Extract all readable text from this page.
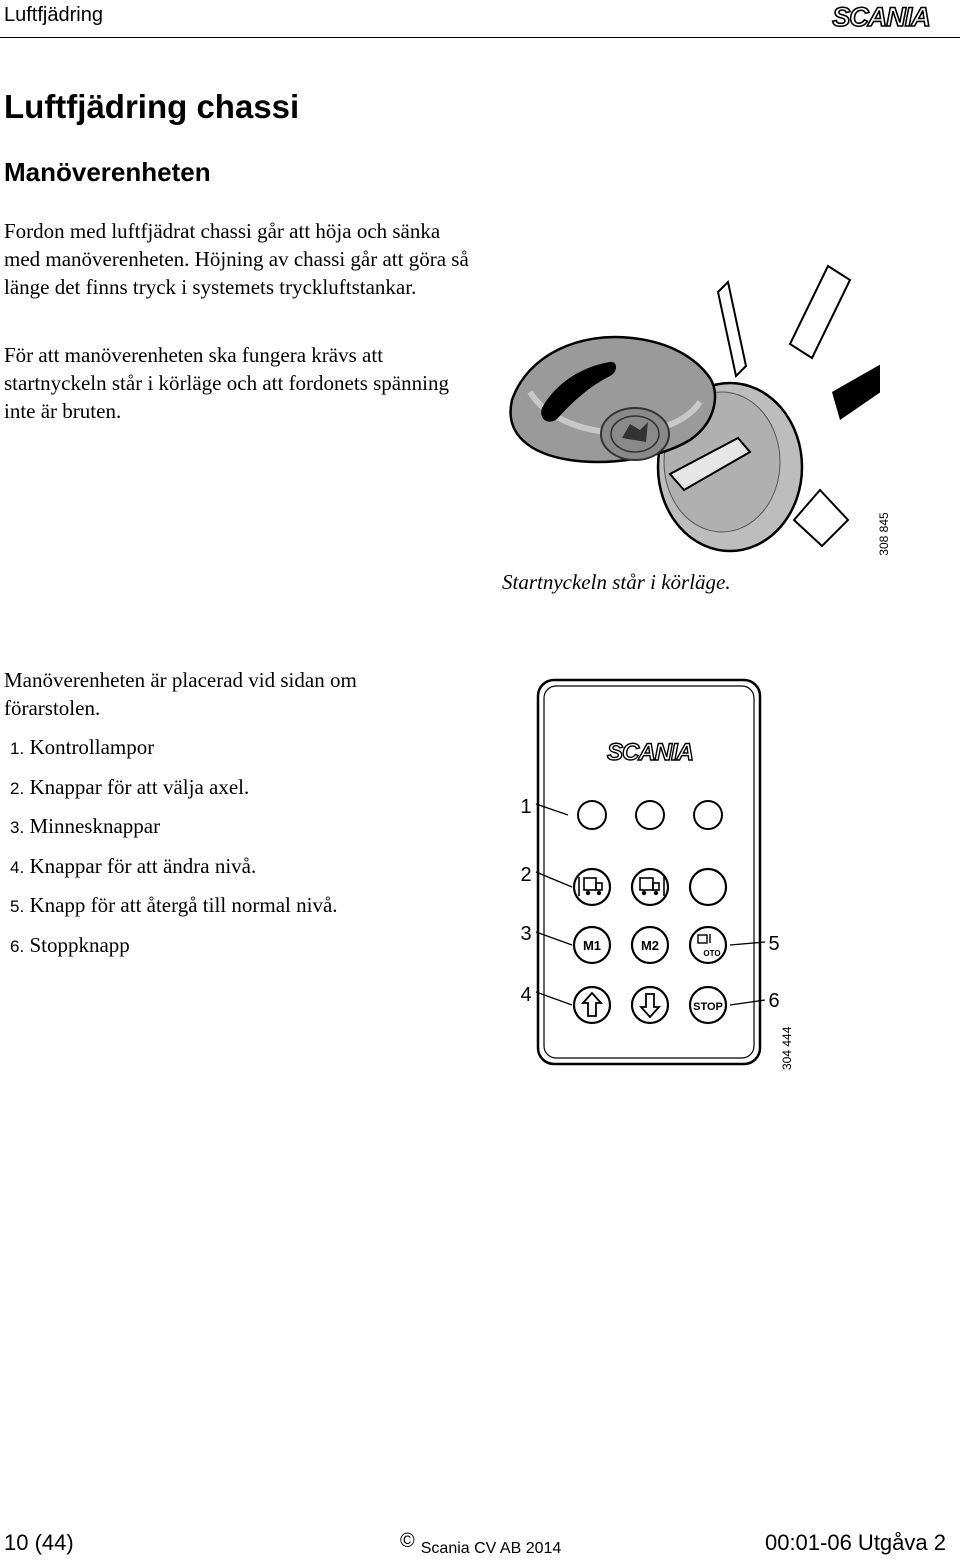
Luftfjädring	SCANIA
Luftfjädring chassi
Manöverenheten

Fordon med luftfjädrat chassi går att höja och sänka med manöverenheten. Höjning av chassi går att göra så länge det finns tryck i systemets tryckluftstankar.

För att manöverenheten ska fungera krävs att startnyckeln står i körläge och att fordonets spänning inte är bruten.

308 845
Startnyckeln står i körläge.

Manöverenheten är placerad vid sidan om förarstolen.

1. Kontrollampor
2. Knappar för att välja axel.
3. Minnesknappar
4. Knappar för att ändra nivå.
5. Knapp för att återgå till normal nivå.
6. Stoppknapp
SCANIA
M1	M2
OTO
STOP
1
2
3
4
5
6
304 444
10 (44)	© Scania CV AB 2014	00:01-06 Utgåva 2
